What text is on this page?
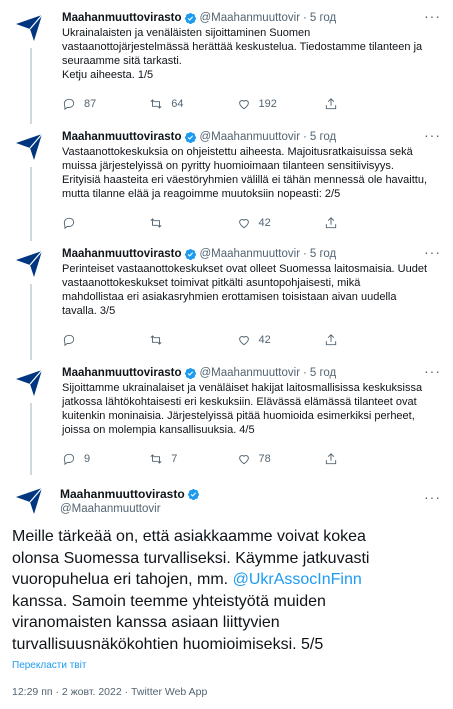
Maahanmuuttovirasto @Maahanmuuttovir · 5 год	···
Ukrainalaisten ja venäläisten sijoittaminen Suomen
vastaanottojärjestelmässä herättää keskustelua. Tiedostamme tilanteen ja
seuraamme sitä tarkasti.
Ketju aiheesta. 1/5
87	64	192
Maahanmuuttovirasto @Maahanmuuttovir · 5 год	···
Vastaanottokeskuksia on ohjeistettu aiheesta. Majoitusratkaisuissa sekä
muissa järjestelyissä on pyritty huomioimaan tilanteen sensitiivisyys.
Erityisiä haasteita eri väestöryhmien välillä ei tähän mennessä ole havaittu,
mutta tilanne elää ja reagoimme muutoksiin nopeasti: 2/5
42
Maahanmuuttovirasto @Maahanmuuttovir · 5 год	···
Perinteiset vastaanottokeskukset ovat olleet Suomessa laitosmaisia. Uudet
vastaanottokeskukset toimivat pitkälti asuntopohjaisesti, mikä
mahdollistaa eri asiakasryhmien erottamisen toisistaan aivan uudella
tavalla. 3/5
42
Maahanmuuttovirasto @Maahanmuuttovir · 5 год	···
Sijoittamme ukrainalaiset ja venäläiset hakijat laitosmallisissa keskuksissa
jatkossa lähtökohtaisesti eri keskuksiin. Elävässä elämässä tilanteet ovat
kuitenkin moninaisia. Järjestelyissä pitää huomioida esimerkiksi perheet,
joissa on molempia kansallisuuksia. 4/5
9	7	78
Maahanmuuttovirasto
@Maahanmuuttovir
···
Meille tärkeää on, että asiakkaamme voivat kokea
olonsa Suomessa turvalliseksi. Käymme jatkuvasti
vuoropuhelua eri tahojen, mm. @UkrAssocInFinn
kanssa. Samoin teemme yhteistyötä muiden
viranomaisten kanssa asiaan liittyvien
turvallisuusnäkökohtien huomioimiseksi. 5/5
Перекласти твіт
12:29 пп · 2 жовт. 2022 · Twitter Web App
